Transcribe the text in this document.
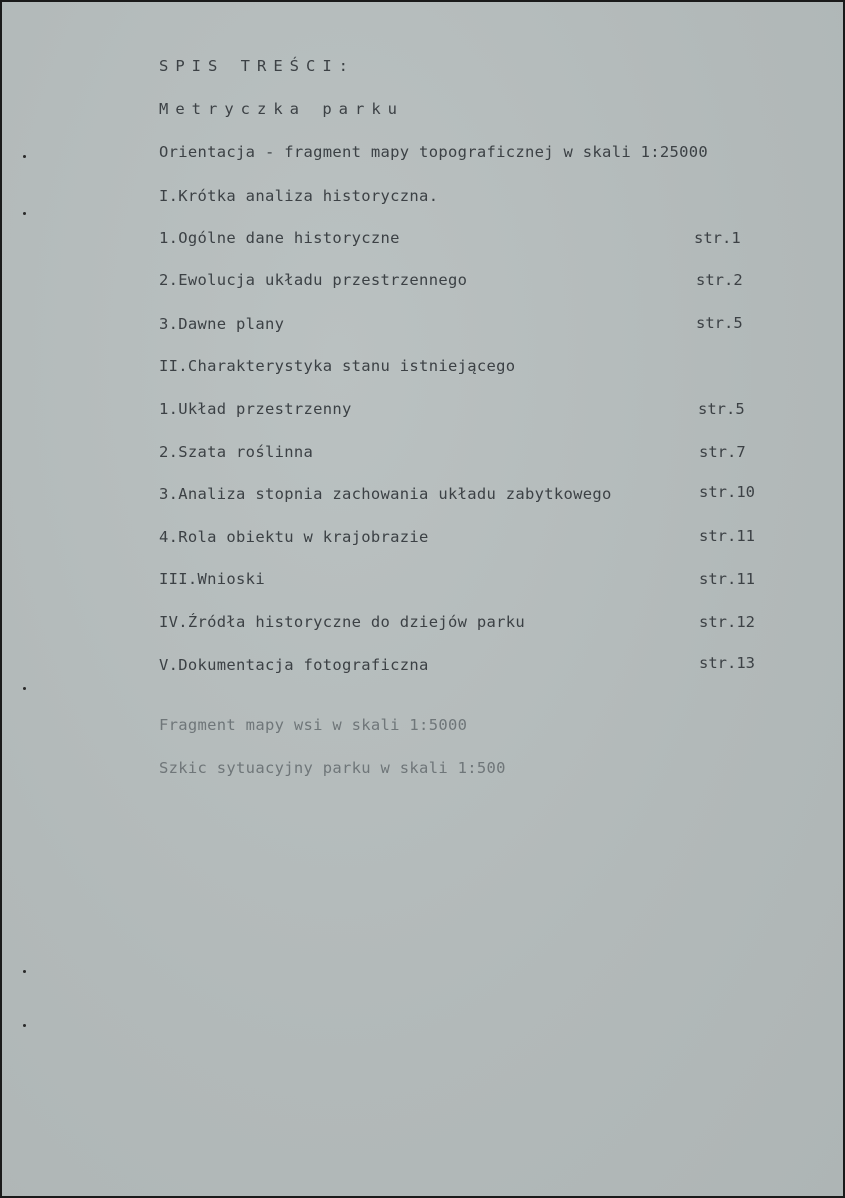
SPIS TREŚCI:
Metryczka parku
Orientacja - fragment mapy topograficznej w skali 1:25000
I.Krótka analiza historyczna.
1.Ogólne dane historyczne	str.1
2.Ewolucja układu przestrzennego	str.2
3.Dawne plany	str.5
II.Charakterystyka stanu istniejącego
1.Układ przestrzenny	str.5
2.Szata roślinna	str.7
3.Analiza stopnia zachowania układu zabytkowego	str.10
4.Rola obiektu w krajobrazie	str.11
III.Wnioski	str.11
IV.Źródła historyczne do dziejów parku	str.12
V.Dokumentacja fotograficzna	str.13
Fragment mapy wsi w skali 1:5000
Szkic sytuacyjny parku w skali 1:500
